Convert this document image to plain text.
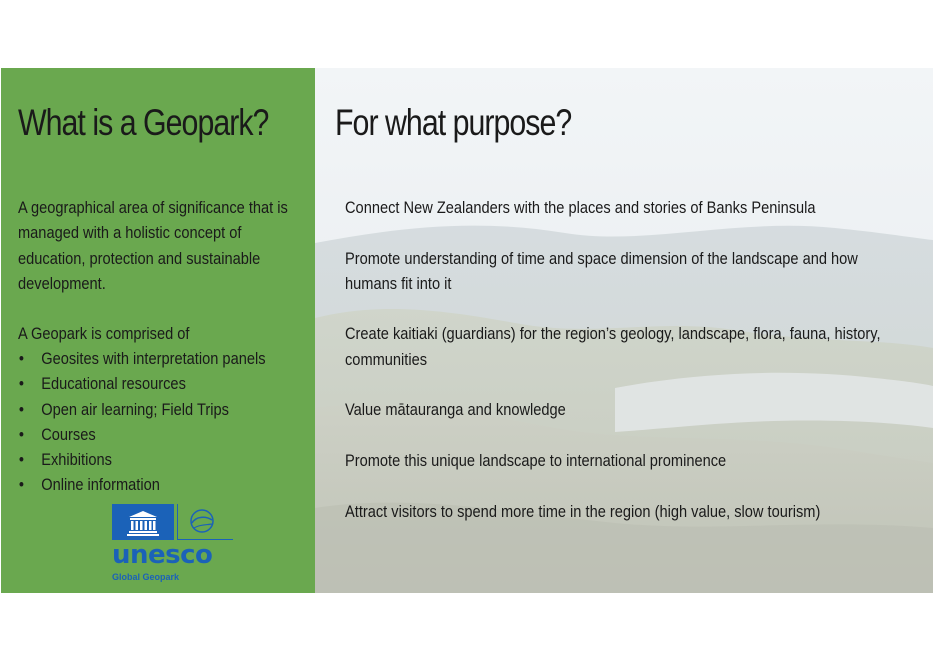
What is a Geopark?
A geographical area of significance that is managed with a holistic concept of education, protection and sustainable development.
A Geopark is comprised of
• Geosites with interpretation panels
• Educational resources
• Open air learning; Field Trips
• Courses
• Exhibitions
• Online information
unesco
Global Geopark
For what purpose?
Connect New Zealanders with the places and stories of Banks Peninsula
Promote understanding of time and space dimension of the landscape and how humans fit into it
Create kaitiaki (guardians) for the region’s geology, landscape, flora, fauna, history, communities
Value mātauranga and knowledge
Promote this unique landscape to international prominence
Attract visitors to spend more time in the region (high value, slow tourism)
